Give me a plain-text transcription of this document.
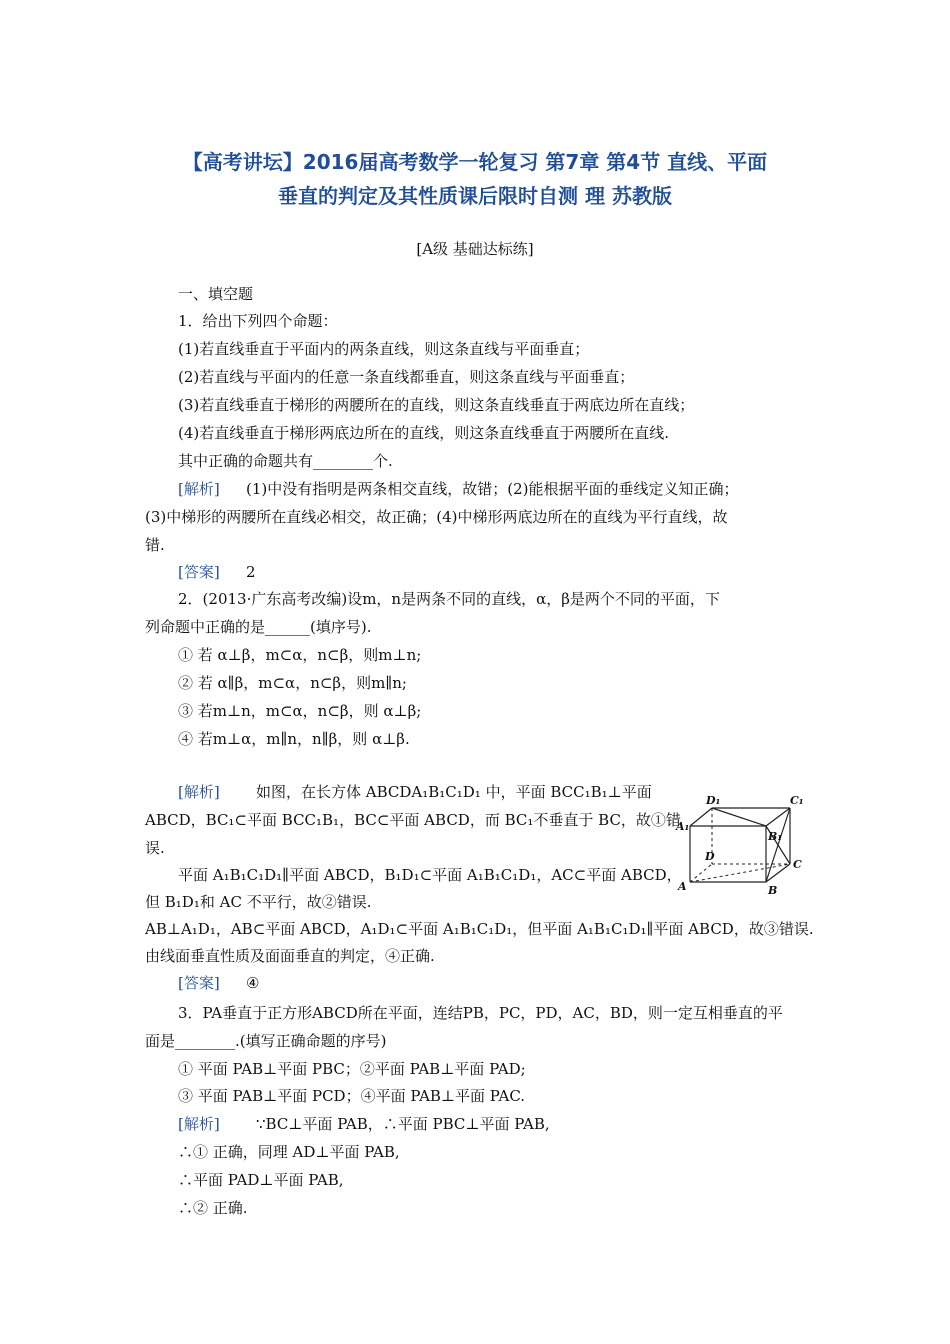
【高考讲坛】2016届高考数学一轮复习 第7章 第4节 直线、平面
垂直的判定及其性质课后限时自测 理 苏教版
[A级 基础达标练]
一、填空题
1．给出下列四个命题：
(1)若直线垂直于平面内的两条直线，则这条直线与平面垂直；
(2)若直线与平面内的任意一条直线都垂直，则这条直线与平面垂直；
(3)若直线垂直于梯形的两腰所在的直线，则这条直线垂直于两底边所在直线；
(4)若直线垂直于梯形两底边所在的直线，则这条直线垂直于两腰所在直线.
其中正确的命题共有________个.
[解析] (1)中没有指明是两条相交直线，故错；(2)能根据平面的垂线定义知正确；
(3)中梯形的两腰所在直线必相交，故正确；(4)中梯形两底边所在的直线为平行直线，故
错.
[答案] 2
2．(2013·广东高考改编)设m，n是两条不同的直线，α，β是两个不同的平面，下
列命题中正确的是______(填序号).
① 若 α⊥β，m⊂α，n⊂β，则m⊥n;
② 若 α∥β，m⊂α，n⊂β，则m∥n;
③ 若m⊥n，m⊂α，n⊂β，则 α⊥β;
④ 若m⊥α，m∥n，n∥β，则 α⊥β.
[解析] 如图，在长方体 ABCDA₁B₁C₁D₁ 中，平面 BCC₁B₁⊥平面
ABCD，BC₁⊂平面 BCC₁B₁，BC⊂平面 ABCD，而 BC₁不垂直于 BC，故①错
误.
平面 A₁B₁C₁D₁∥平面 ABCD，B₁D₁⊂平面 A₁B₁C₁D₁，AC⊂平面 ABCD，
但 B₁D₁和 AC 不平行，故②错误.
AB⊥A₁D₁，AB⊂平面 ABCD，A₁D₁⊂平面 A₁B₁C₁D₁，但平面 A₁B₁C₁D₁∥平面 ABCD，故③错误.
由线面垂直性质及面面垂直的判定，④正确.
[答案] ④
D₁	C₁
A₁
B₁
D
C
A	B
3．PA垂直于正方形ABCD所在平面，连结PB，PC，PD，AC，BD，则一定互相垂直的平
面是________.(填写正确命题的序号)
① 平面 PAB⊥平面 PBC；②平面 PAB⊥平面 PAD;
③ 平面 PAB⊥平面 PCD；④平面 PAB⊥平面 PAC.
[解析] ∵BC⊥平面 PAB，∴平面 PBC⊥平面 PAB,
∴① 正确，同理 AD⊥平面 PAB,
∴平面 PAD⊥平面 PAB,
∴② 正确.
